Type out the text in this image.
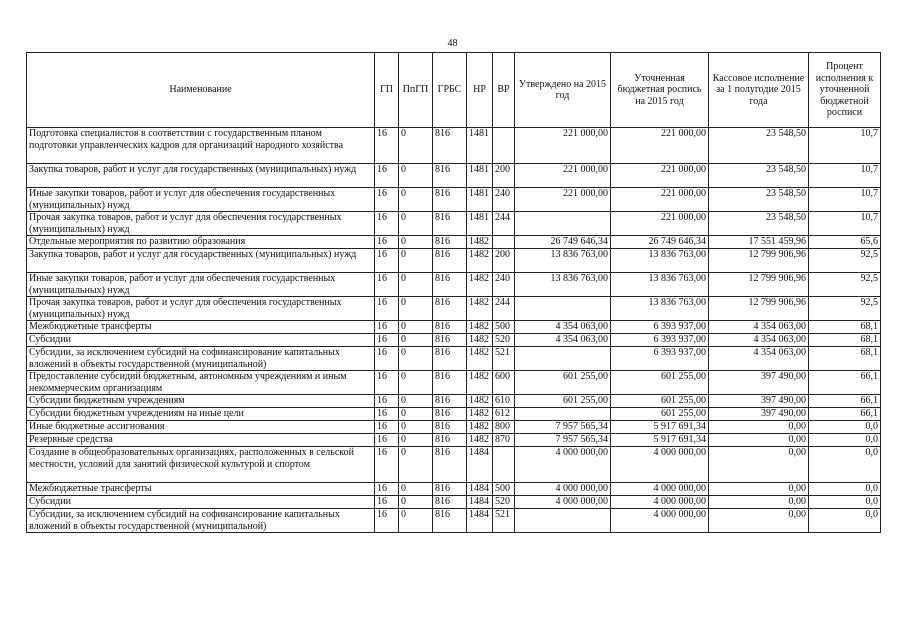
48
Наименование	ГП	ПпГП	ГРБС	НР	ВР	Утверждено на 2015 год	Уточненная бюджетная роспись на 2015 год	Кассовое исполнение за 1 полугодие 2015 года	Процент исполнения к уточненной бюджетной росписи
Подготовка специалистов в соответствии с государственным планом подготовки управленческих кадров для организаций народного хозяйства	16	0	816	1481		221 000,00	221 000,00	23 548,50	10,7
Закупка товаров, работ и услуг для государственных (муниципальных) нужд	16	0	816	1481	200	221 000,00	221 000,00	23 548,50	10,7
Иные закупки товаров, работ и услуг для обеспечения государственных (муниципальных) нужд	16	0	816	1481	240	221 000,00	221 000,00	23 548,50	10,7
Прочая закупка товаров, работ и услуг для обеспечения государственных (муниципальных) нужд	16	0	816	1481	244		221 000,00	23 548,50	10,7
Отдельные мероприятия по развитию образования	16	0	816	1482		26 749 646,34	26 749 646,34	17 551 459,96	65,6
Закупка товаров, работ и услуг для государственных (муниципальных) нужд	16	0	816	1482	200	13 836 763,00	13 836 763,00	12 799 906,96	92,5
Иные закупки товаров, работ и услуг для обеспечения государственных (муниципальных) нужд	16	0	816	1482	240	13 836 763,00	13 836 763,00	12 799 906,96	92,5
Прочая закупка товаров, работ и услуг для обеспечения государственных (муниципальных) нужд	16	0	816	1482	244		13 836 763,00	12 799 906,96	92,5
Межбюджетные трансферты	16	0	816	1482	500	4 354 063,00	6 393 937,00	4 354 063,00	68,1
Субсидии	16	0	816	1482	520	4 354 063,00	6 393 937,00	4 354 063,00	68,1
Субсидии, за исключением субсидий на софинансирование капитальных вложений в объекты государственной (муниципальной)	16	0	816	1482	521		6 393 937,00	4 354 063,00	68,1
Предоставление субсидий бюджетным, автономным учреждениям и иным некоммерческим организациям	16	0	816	1482	600	601 255,00	601 255,00	397 490,00	66,1
Субсидии бюджетным учреждениям	16	0	816	1482	610	601 255,00	601 255,00	397 490,00	66,1
Субсидии бюджетным учреждениям на иные цели	16	0	816	1482	612		601 255,00	397 490,00	66,1
Иные бюджетные ассигнования	16	0	816	1482	800	7 957 565,34	5 917 691,34	0,00	0,0
Резервные средства	16	0	816	1482	870	7 957 565,34	5 917 691,34	0,00	0,0
Создание в общеобразовательных организациях, расположенных в сельской местности, условий для занятий физической культурой и спортом	16	0	816	1484		4 000 000,00	4 000 000,00	0,00	0,0
Межбюджетные трансферты	16	0	816	1484	500	4 000 000,00	4 000 000,00	0,00	0,0
Субсидии	16	0	816	1484	520	4 000 000,00	4 000 000,00	0,00	0,0
Субсидии, за исключением субсидий на софинансирование капитальных вложений в объекты государственной (муниципальной)	16	0	816	1484	521		4 000 000,00	0,00	0,0
